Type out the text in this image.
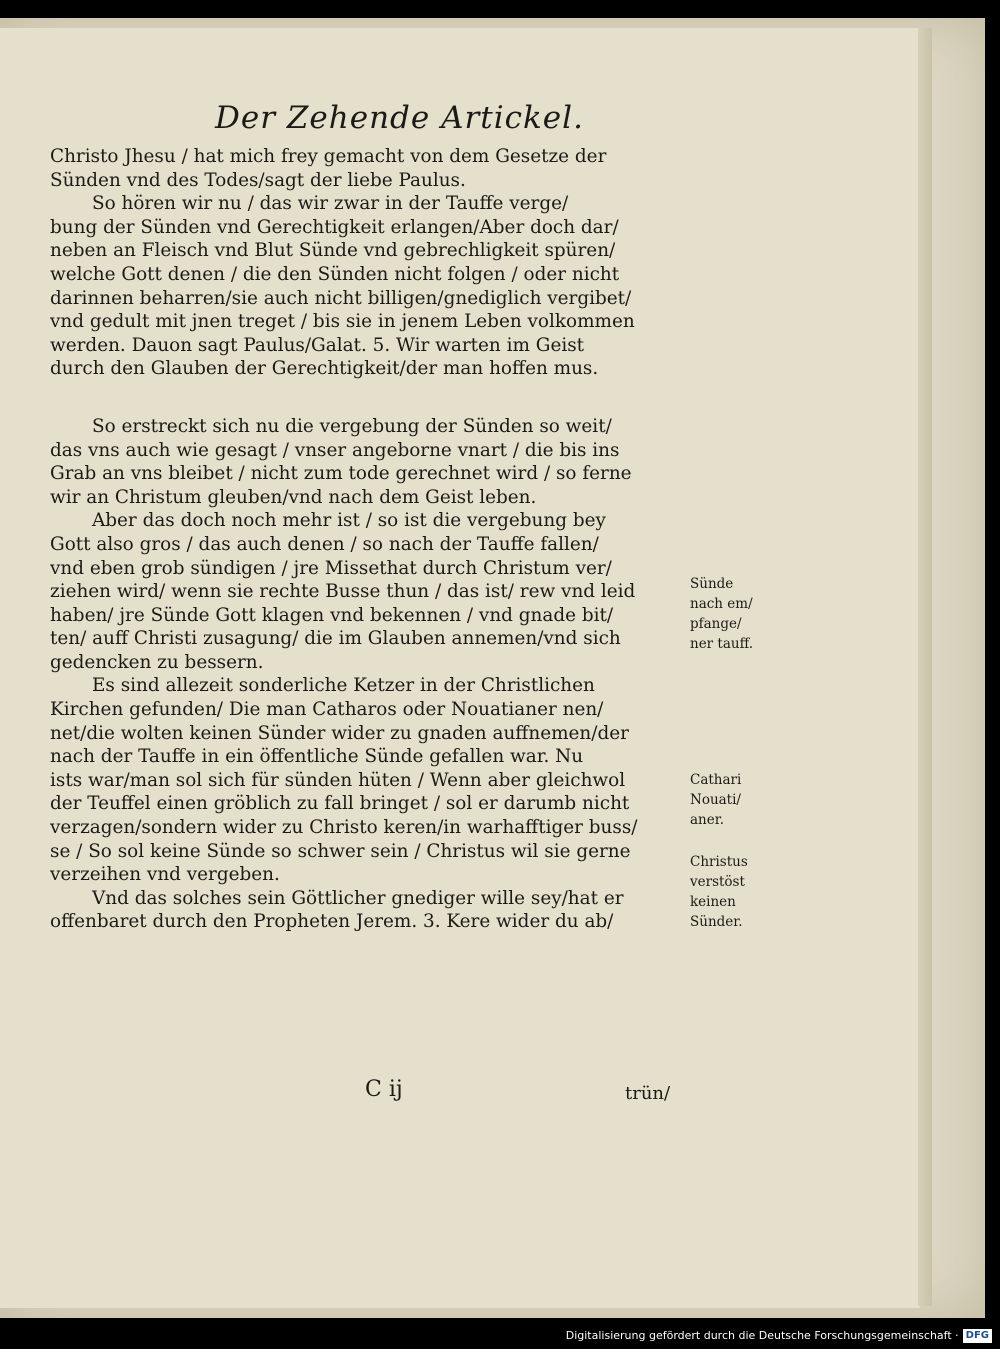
Der Zehende Artickel.
Christo Jhesu / hat mich frey gemacht von dem Gesetze der
Sünden vnd des Todes/sagt der liebe Paulus.
So hören wir nu / das wir zwar in der Tauffe verge/
bung der Sünden vnd Gerechtigkeit erlangen/Aber doch dar/
neben an Fleisch vnd Blut Sünde vnd gebrechligkeit spüren/
welche Gott denen / die den Sünden nicht folgen / oder nicht
darinnen beharren/sie auch nicht billigen/gnediglich vergibet/
vnd gedult mit jnen treget / bis sie in jenem Leben volkommen
werden. Dauon sagt Paulus/Galat. 5. Wir warten im Geist
durch den Glauben der Gerechtigkeit/der man hoffen mus.
So erstreckt sich nu die vergebung der Sünden so weit/
das vns auch wie gesagt / vnser angeborne vnart / die bis ins
Grab an vns bleibet / nicht zum tode gerechnet wird / so ferne
wir an Christum gleuben/vnd nach dem Geist leben.
Aber das doch noch mehr ist / so ist die vergebung bey
Gott also gros / das auch denen / so nach der Tauffe fallen/
vnd eben grob sündigen / jre Missethat durch Christum ver/
ziehen wird/ wenn sie rechte Busse thun / das ist/ rew vnd leid
haben/ jre Sünde Gott klagen vnd bekennen / vnd gnade bit/
ten/ auff Christi zusagung/ die im Glauben annemen/vnd sich
gedencken zu bessern.
Es sind allezeit sonderliche Ketzer in der Christlichen
Kirchen gefunden/ Die man Catharos oder Nouatianer nen/
net/die wolten keinen Sünder wider zu gnaden auffnemen/der
nach der Tauffe in ein öffentliche Sünde gefallen war. Nu
ists war/man sol sich für sünden hüten / Wenn aber gleichwol
der Teuffel einen gröblich zu fall bringet / sol er darumb nicht
verzagen/sondern wider zu Christo keren/in warhafftiger buss/
se / So sol keine Sünde so schwer sein / Christus wil sie gerne
verzeihen vnd vergeben.
Vnd das solches sein Göttlicher gnediger wille sey/hat er
offenbaret durch den Propheten Jerem. 3. Kere wider du ab/
Sünde
nach em/
pfange/
ner tauff.
Cathari
Nouati/
aner.
Christus
verstöst
keinen
Sünder.
C ij	trün/
Digitalisierung gefördert durch die Deutsche Forschungsgemeinschaft · DFG
